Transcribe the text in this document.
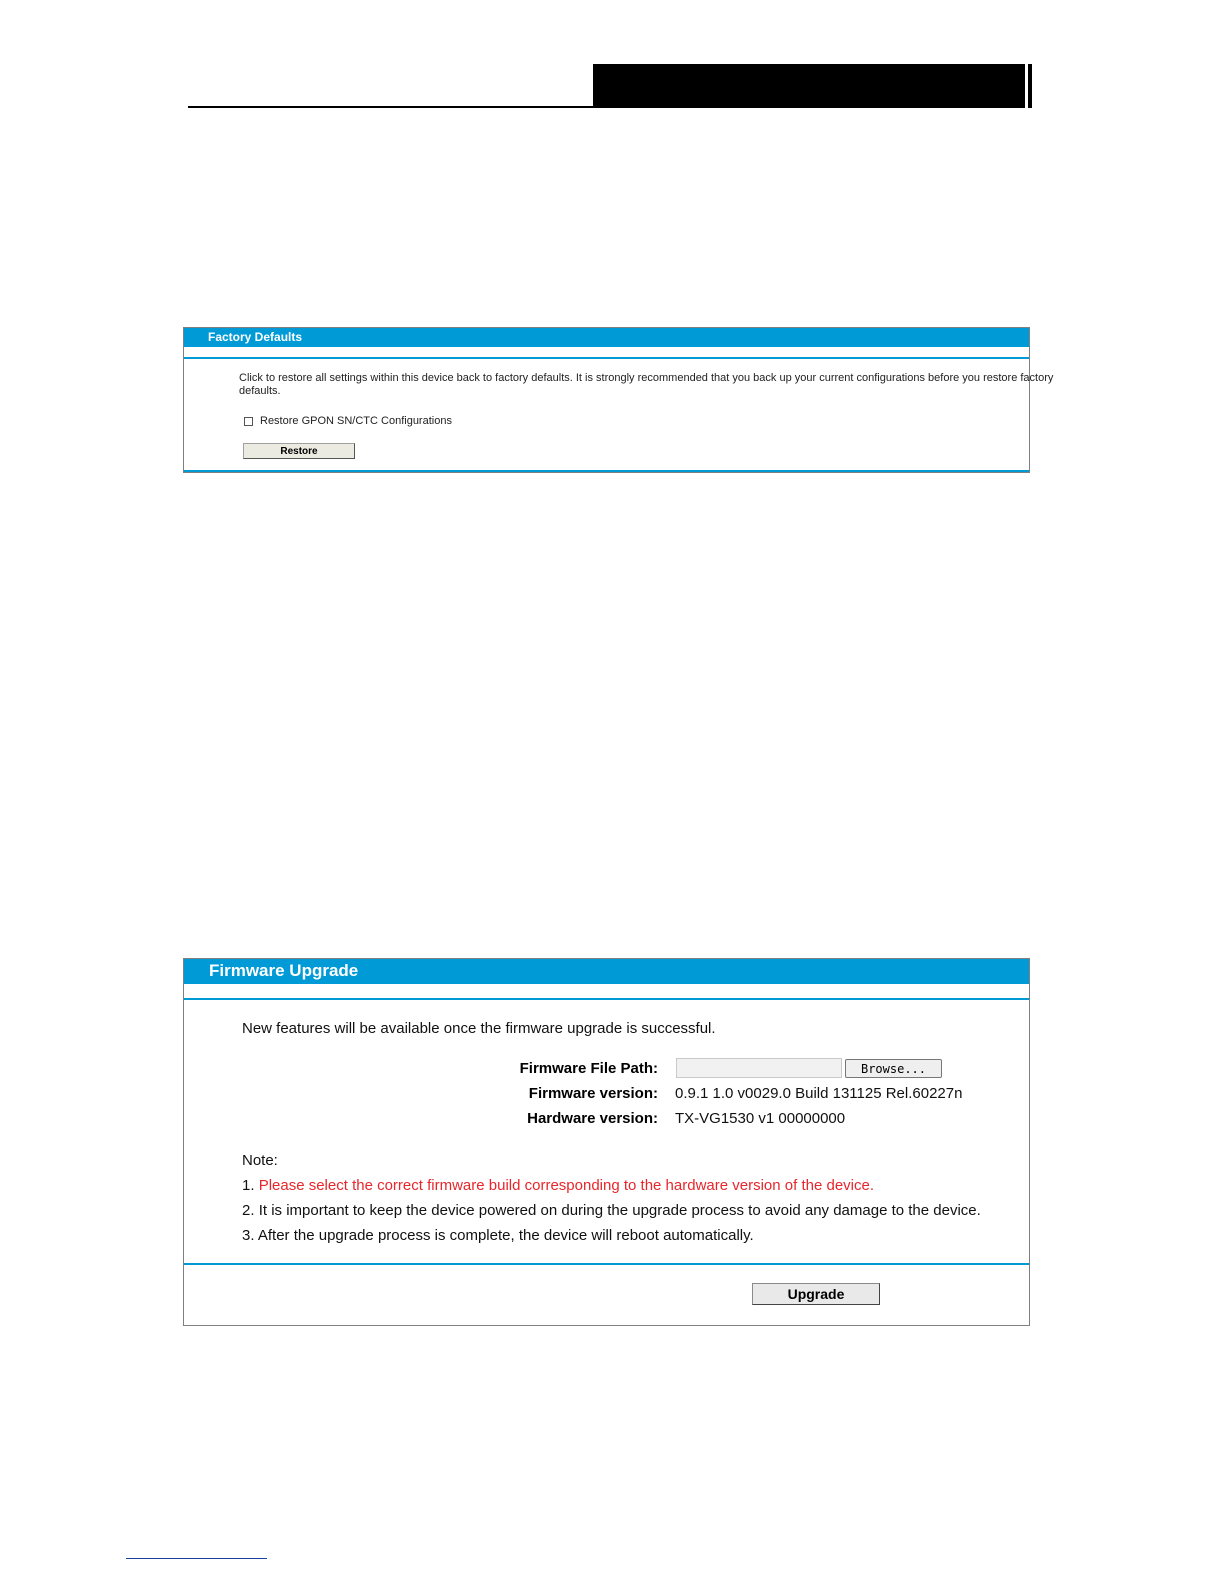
Factory Defaults
Click to restore all settings within this device back to factory defaults. It is strongly recommended that you back up your current configurations before you restore factory
defaults.
Restore GPON SN/CTC Configurations
Restore
Firmware Upgrade
New features will be available once the firmware upgrade is successful.
Firmware File Path:	Browse...
Firmware version: 0.9.1 1.0 v0029.0 Build 131125 Rel.60227n
Hardware version: TX-VG1530 v1 00000000
Note:
1. Please select the correct firmware build corresponding to the hardware version of the device.
2. It is important to keep the device powered on during the upgrade process to avoid any damage to the device.
3. After the upgrade process is complete, the device will reboot automatically.
Upgrade
